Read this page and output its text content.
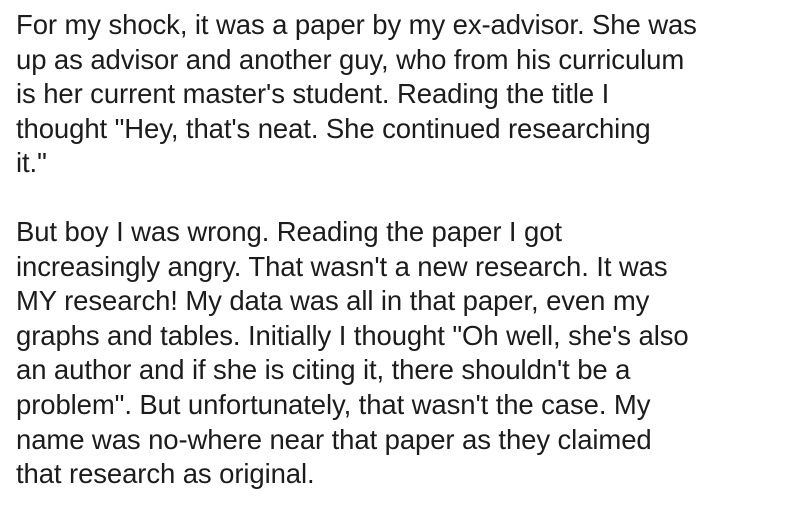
For my shock, it was a paper by my ex-advisor. She was
up as advisor and another guy, who from his curriculum
is her current master's student. Reading the title I
thought "Hey, that's neat. She continued researching
it."

But boy I was wrong. Reading the paper I got
increasingly angry. That wasn't a new research. It was
MY research! My data was all in that paper, even my
graphs and tables. Initially I thought "Oh well, she's also
an author and if she is citing it, there shouldn't be a
problem". But unfortunately, that wasn't the case. My
name was no-where near that paper as they claimed
that research as original.
